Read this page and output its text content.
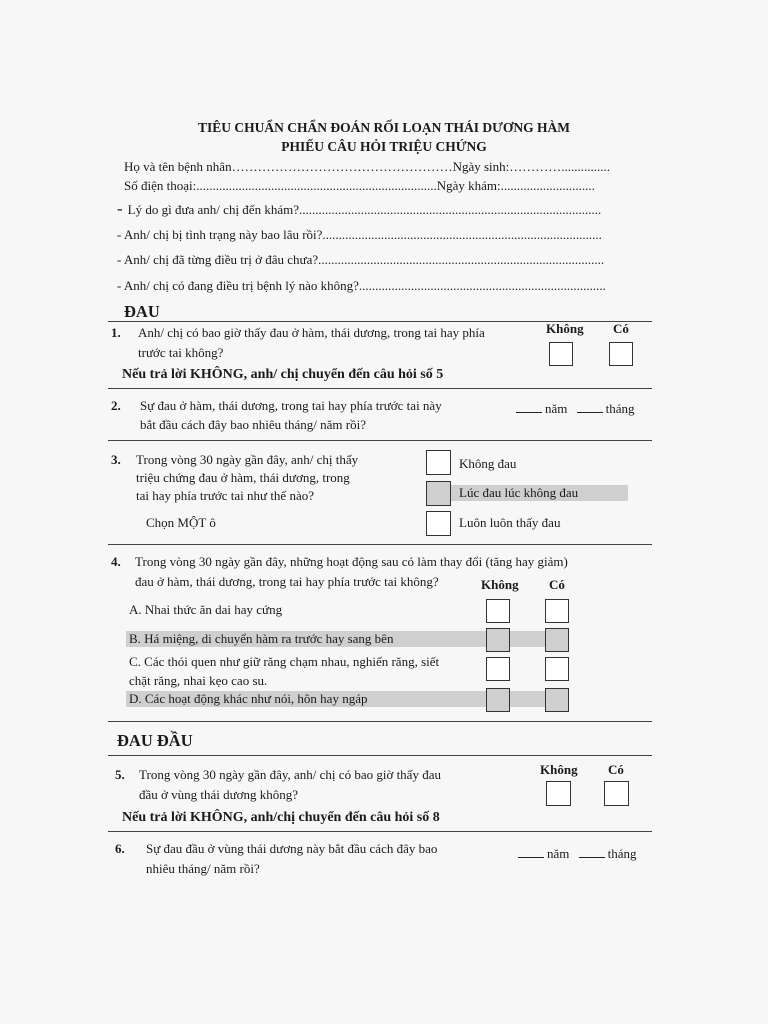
TIÊU CHUẨN CHẨN ĐOÁN RỐI LOẠN THÁI DƯƠNG HÀM
PHIẾU CÂU HỎI TRIỆU CHỨNG
Họ và tên bệnh nhân……………………………………………Ngày sinh:…………...............
Số điện thoại:..........................................................................Ngày khám:.............................
- Lý do gì đưa anh/ chị đến khám?.............................................................................................
- Anh/ chị bị tình trạng này bao lâu rồi?......................................................................................
- Anh/ chị đã từng điều trị ở đâu chưa?........................................................................................
- Anh/ chị có đang điều trị bệnh lý nào không?............................................................................
ĐAU
1. Anh/ chị có bao giờ thấy đau ở hàm, thái dương, trong tai hay phía
trước tai không?
Không Có
Nếu trả lời KHÔNG, anh/ chị chuyển đến câu hỏi số 5
2. Sự đau ở hàm, thái dương, trong tai hay phía trước tai này
bắt đầu cách đây bao nhiêu tháng/ năm rồi?
năm	tháng
3. Trong vòng 30 ngày gần đây, anh/ chị thấy
triệu chứng đau ở hàm, thái dương, trong
tai hay phía trước tai như thế nào?
Chọn MỘT ô
Không đau
Lúc đau lúc không đau
Luôn luôn thấy đau
4. Trong vòng 30 ngày gần đây, những hoạt động sau có làm thay đổi (tăng hay giảm)
đau ở hàm, thái dương, trong tai hay phía trước tai không?	Không Có
A. Nhai thức ăn dai hay cứng
B. Há miệng, di chuyển hàm ra trước hay sang bên
C. Các thói quen như giữ răng chạm nhau, nghiến răng, siết
chặt răng, nhai kẹo cao su.
D. Các hoạt động khác như nói, hôn hay ngáp
ĐAU ĐẦU
5. Trong vòng 30 ngày gần đây, anh/ chị có bao giờ thấy đau
đầu ở vùng thái dương không?
Không Có
Nếu trả lời KHÔNG, anh/chị chuyển đến câu hỏi số 8
6. Sự đau đầu ở vùng thái dương này bắt đầu cách đây bao
nhiêu tháng/ năm rồi?
năm	tháng
